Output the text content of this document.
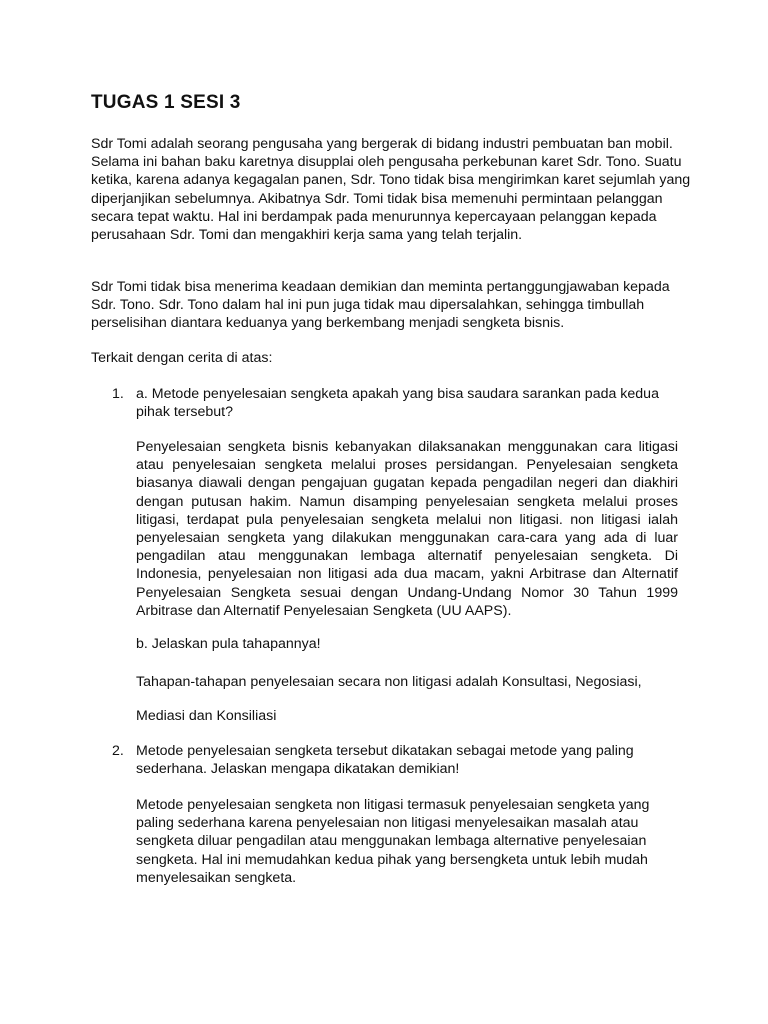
TUGAS 1 SESI 3
Sdr Tomi adalah seorang pengusaha yang bergerak di bidang industri pembuatan ban mobil. Selama ini bahan baku karetnya disupplai oleh pengusaha perkebunan karet Sdr. Tono. Suatu ketika, karena adanya kegagalan panen, Sdr. Tono tidak bisa mengirimkan karet sejumlah yang diperjanjikan sebelumnya. Akibatnya Sdr. Tomi tidak bisa memenuhi permintaan pelanggan secara tepat waktu. Hal ini berdampak pada menurunnya kepercayaan pelanggan kepada perusahaan Sdr. Tomi dan mengakhiri kerja sama yang telah terjalin.
Sdr Tomi tidak bisa menerima keadaan demikian dan meminta pertanggungjawaban kepada Sdr. Tono. Sdr. Tono dalam hal ini pun juga tidak mau dipersalahkan, sehingga timbullah perselisihan diantara keduanya yang berkembang menjadi sengketa bisnis.
Terkait dengan cerita di atas:
1. a. Metode penyelesaian sengketa apakah yang bisa saudara sarankan pada kedua pihak tersebut?
Penyelesaian sengketa bisnis kebanyakan dilaksanakan menggunakan cara litigasi atau penyelesaian sengketa melalui proses persidangan. Penyelesaian sengketa biasanya diawali dengan pengajuan gugatan kepada pengadilan negeri dan diakhiri dengan putusan hakim. Namun disamping penyelesaian sengketa melalui proses litigasi, terdapat pula penyelesaian sengketa melalui non litigasi. non litigasi ialah penyelesaian sengketa yang dilakukan menggunakan cara-cara yang ada di luar pengadilan atau menggunakan lembaga alternatif penyelesaian sengketa. Di Indonesia, penyelesaian non litigasi ada dua macam, yakni Arbitrase dan Alternatif Penyelesaian Sengketa sesuai dengan Undang-Undang Nomor 30 Tahun 1999 Arbitrase dan Alternatif Penyelesaian Sengketa (UU AAPS).
b. Jelaskan pula tahapannya!
Tahapan-tahapan penyelesaian secara non litigasi adalah Konsultasi, Negosiasi,
Mediasi dan Konsiliasi
2. Metode penyelesaian sengketa tersebut dikatakan sebagai metode yang paling sederhana. Jelaskan mengapa dikatakan demikian!
Metode penyelesaian sengketa non litigasi termasuk penyelesaian sengketa yang paling sederhana karena penyelesaian non litigasi menyelesaikan masalah atau sengketa diluar pengadilan atau menggunakan lembaga alternative penyelesaian sengketa. Hal ini memudahkan kedua pihak yang bersengketa untuk lebih mudah menyelesaikan sengketa.
